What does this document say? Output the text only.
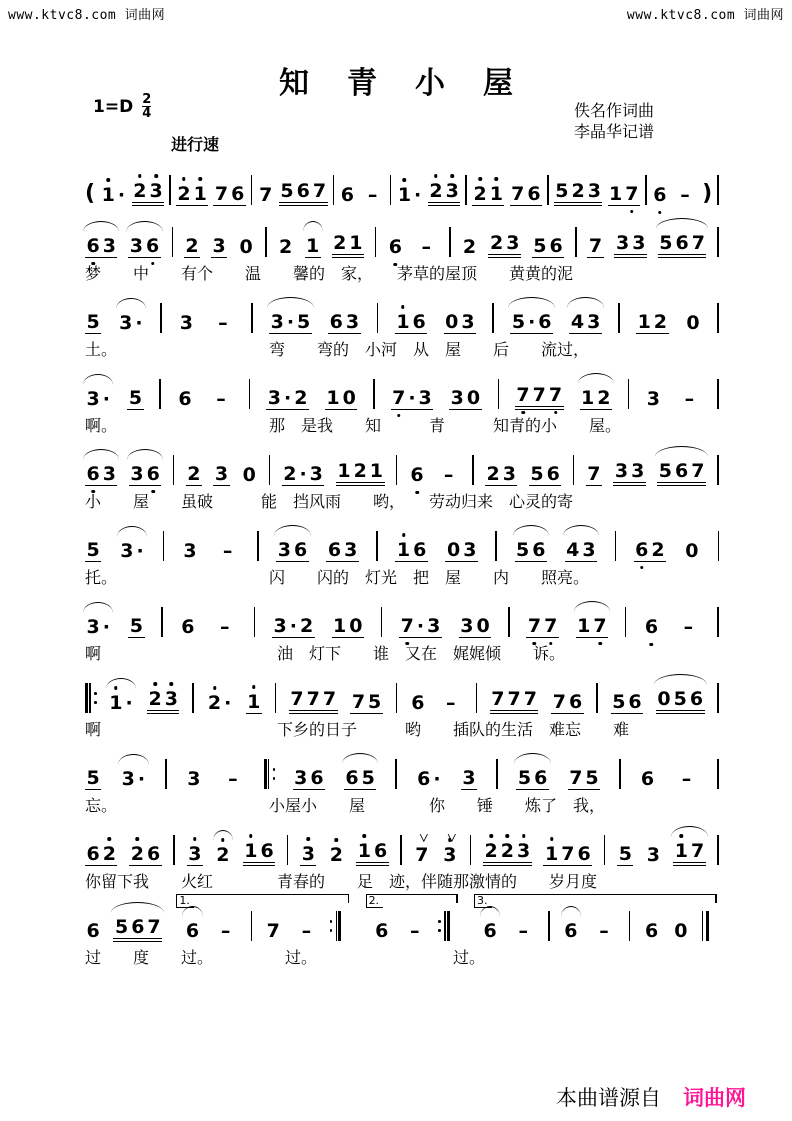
www.ktvc8.com 词曲网	www.ktvc8.com 词曲网
知青小屋
$1=D \frac{2}{4}$	佚名作词曲
李晶华记谱
进行速
( 1 · 2 3 2 1 7 6 7 5 6 7 6 –	1 · 2 3 2 1 7 6 5 2 3 1 7 6 – )
6 3 3 6 2 3 0 2 1 2 1 6	–	2 2 3 5 6 7 3 3 5 6 7
梦　　中　　有个　　温　　馨的　家，　　茅草的屋顶　　黄黄的泥
5 3 · 3	–	3 · 5 6 3 1 6 0 3 5 · 6 4 3 1 2 0
土。　　　　　　　　　　弯　　弯的　小河　从　屋　　后　　流过，
3 · 5 6	–	3 · 2 1 0 7 · 3 3 0 7 7 7 1 2 3	–
啊。　　　　　　　　　　那　是我　　知　　　青　　　知青的小　　屋。
6 3 3 6 2 3 0 2 · 3 1 2 1 6	–	2 3 5 6 7 3 3 5 6 7
小　　屋　　虽破　　　能　挡风雨　　哟，　　劳动归来　心灵的寄
5 3 · 3	–	3 6 6 3 1 6 0 3 5 6 4 3 6 2 0
托。　　　　　　　　　　闪　　闪的　灯光　把　屋　　内　　照亮。
3 · 5 6	–	3 · 2 1 0 7 · 3 3 0 7 7 1 7 6	–
啊　　　　　　　　　　　油　灯下　　谁　又在　娓娓倾　　诉。
1 · 2 3 2 · 1 7 7 7 7 5 6	–	7 7 7 7 6 5 6 0 5 6
啊　　　　　　　　　　　下乡的日子　　　哟　　插队的生活　难忘　　难
5 3 · 3	–	3 6 6 5 6 · 3 5 6 7 5 6	–
忘。　　　　　　　　　　小屋小　　屋　　　　你　　锤　　炼了　我，
6 2 2 6 3 2 1 6 3 2 1 6 7 ＞ 3 ＞ 2 2 3 1 7 6 5 3 1 7
你留下我　　火红　　　　青春的　　足　迹，伴随那激情的　　岁月度
6 5 6 7 1. 6	–	7	–	2. 6	–	3. 6	–	6	–	6 0
过　　度　　过。　　　　　过。　　　　　　　　　过。
本曲谱源自 词曲网
